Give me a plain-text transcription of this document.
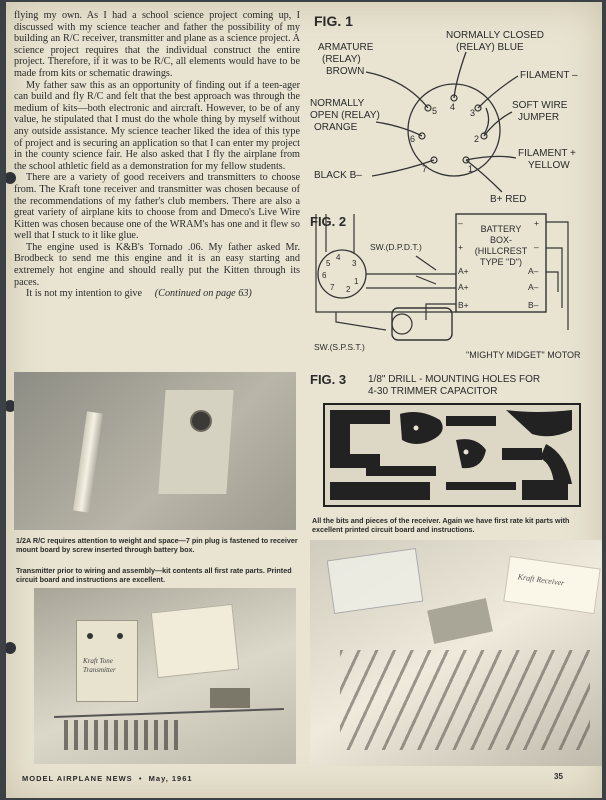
flying my own. As I had a school science project coming up, I discussed with my science teacher and father the possibility of my building an R/C receiver, transmitter and plane as a science project. A science project requires that the individual construct the entire project. Therefore, if it was to be R/C, all elements would have to be made from kits or schematic drawings.

My father saw this as an opportunity of finding out if a teen-ager can build and fly R/C and felt that the best approach was through the medium of kits—both electronic and aircraft. However, to be of any value, he stipulated that I must do the whole thing by myself without any outside assistance. My science teacher liked the idea of this type of project and is securing an application so that I can enter my project in the county science fair. He also asked that I fly the airplane from the school athletic field as a demonstration for my fellow students.

There are a variety of good receivers and transmitters to choose from. The Kraft tone receiver and transmitter was chosen because of the recommendations of my father's club members. There are also a great variety of airplane kits to choose from and Dmeco's Live Wire Kitten was chosen because one of the WRAM's has one and it flew so well that I stuck to it like glue.

The engine used is K&B's Tornado .06. My father asked Mr. Brodbeck to send me this engine and it is an easy starting and extremely hot engine and should really put the Kitten through its paces.

It is not my intention to give (Continued on page 63)

FIG. 1
ARMATURE
(RELAY)
BROWN
NORMALLY CLOSED
(RELAY) BLUE
FILAMENT –
SOFT WIRE
JUMPER
NORMALLY
OPEN (RELAY)
ORANGE
FILAMENT +
YELLOW
BLACK B–
B+ RED
4
3
2
1
7
6
5
FIG. 2	BATTERY
BOX-
(HILLCREST
TYPE "D")
–
+
A+
A+
B+
+
–
A–
A–
B–
SW.(D.P.D.T.)
4
3
5
6
7 2
1
SW.(S.P.S.T.)
"MIGHTY MIDGET" MOTOR
FIG. 3 1/8" DRILL - MOUNTING HOLES FOR
4-30 TRIMMER CAPACITOR
1/2A R/C requires attention to weight and space—7 pin plug is fastened to receiver mount board by screw inserted through battery box.
Transmitter prior to wiring and assembly—kit contents all first rate parts. Printed circuit board and instructions are excellent.
Kraft Tone
Transmitter
All the bits and pieces of the receiver. Again we have first rate kit parts with excellent printed circuit board and instructions.
Kraft Receiver
MODEL AIRPLANE NEWS • May, 1961	35
